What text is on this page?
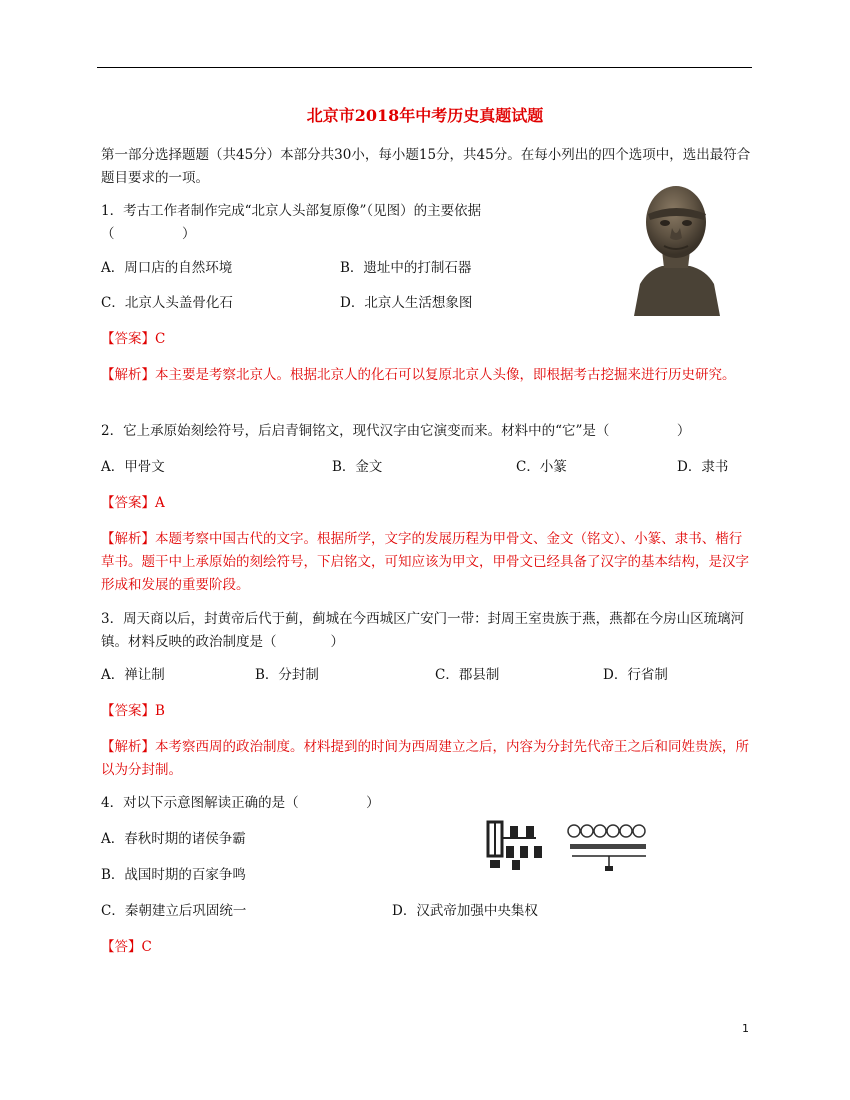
北京市2018年中考历史真题试题
第一部分选择题题（共45分）本部分共30小，每小题15分，共45分。在每小列出的四个选项中，选出最符合题目要求的一项。
1．考古工作者制作完成“北京人头部复原像”（见图）的主要依据
（　　　　　）
A．周口店的自然环境	B．遗址中的打制石器
C．北京人头盖骨化石	D．北京人生活想象图
【答案】C
【解析】本主要是考察北京人。根据北京人的化石可以复原北京人头像，即根据考古挖掘来进行历史研究。
2．它上承原始刻绘符号，后启青铜铭文，现代汉字由它演变而来。材料中的“它”是（　　　　　）
A．甲骨文	B．金文	C．小篆	D．隶书
【答案】A
【解析】本题考察中国古代的文字。根据所学，文字的发展历程为甲骨文、金文（铭文）、小篆、隶书、楷行草书。题干中上承原始的刻绘符号，下启铭文，可知应该为甲文，甲骨文已经具备了汉字的基本结构，是汉字形成和发展的重要阶段。
3．周天商以后，封黄帝后代于蓟，蓟城在今西城区广安门一带：封周王室贵族于燕，燕都在今房山区琉璃河镇。材料反映的政治制度是（　　　　）
A．禅让制	B．分封制	C．郡县制	D．行省制
【答案】B
【解析】本考察西周的政治制度。材料提到的时间为西周建立之后，内容为分封先代帝王之后和同姓贵族，所以为分封制。
4．对以下示意图解读正确的是（　　　　　）
A．春秋时期的诸侯争霸
B．战国时期的百家争鸣
C．秦朝建立后巩固统一	D．汉武帝加强中央集权
【答】C
1
